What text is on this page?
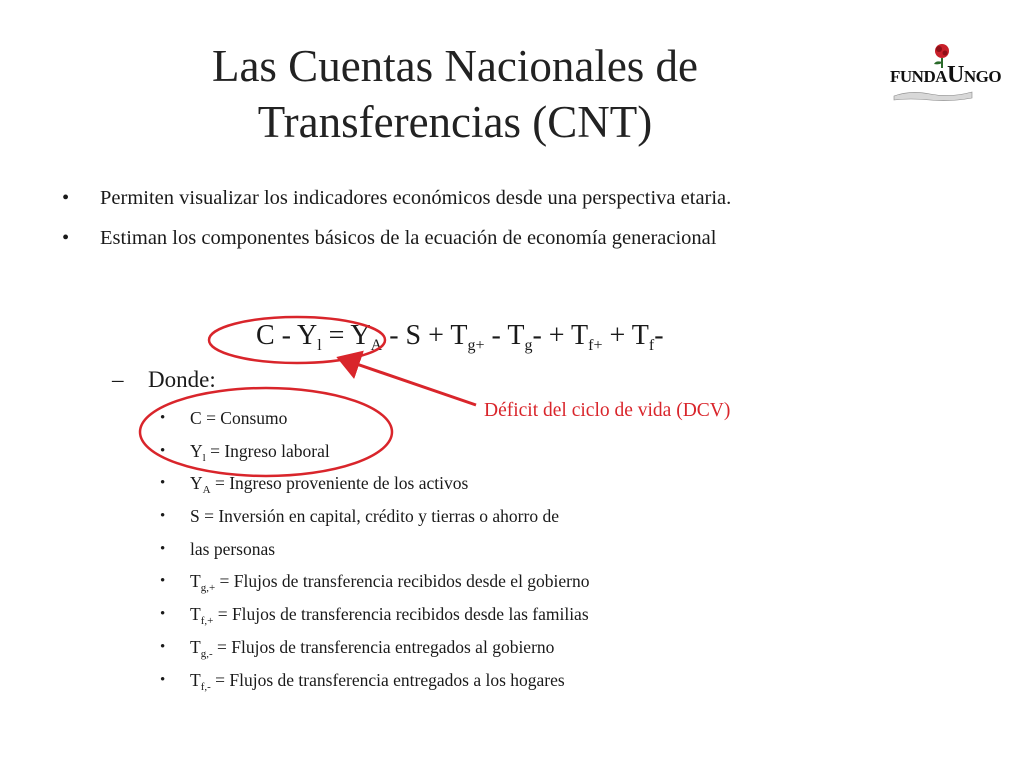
Las Cuentas Nacionales de Transferencias (CNT)
FUNDAUNGO
• Permiten visualizar los indicadores económicos desde una perspectiva etaria.
• Estiman los componentes básicos de la ecuación de economía generacional
$C - Y_l = Y_A - S + T_{g+} - T_g- + T_{f+} + T_f-$
– Donde:
• C = Consumo
• $Y_l$ = Ingreso laboral
• $Y_A$ = Ingreso proveniente de los activos
• S = Inversión en capital, crédito y tierras o ahorro de
• las personas
• $T_{g,+}$ = Flujos de transferencia recibidos desde el gobierno
• $T_{f,+}$ = Flujos de transferencia recibidos desde las familias
• $T_{g,-}$ = Flujos de transferencia entregados al gobierno
• $T_{f,-}$ = Flujos de transferencia entregados a los hogares
Déficit del ciclo de vida (DCV)
